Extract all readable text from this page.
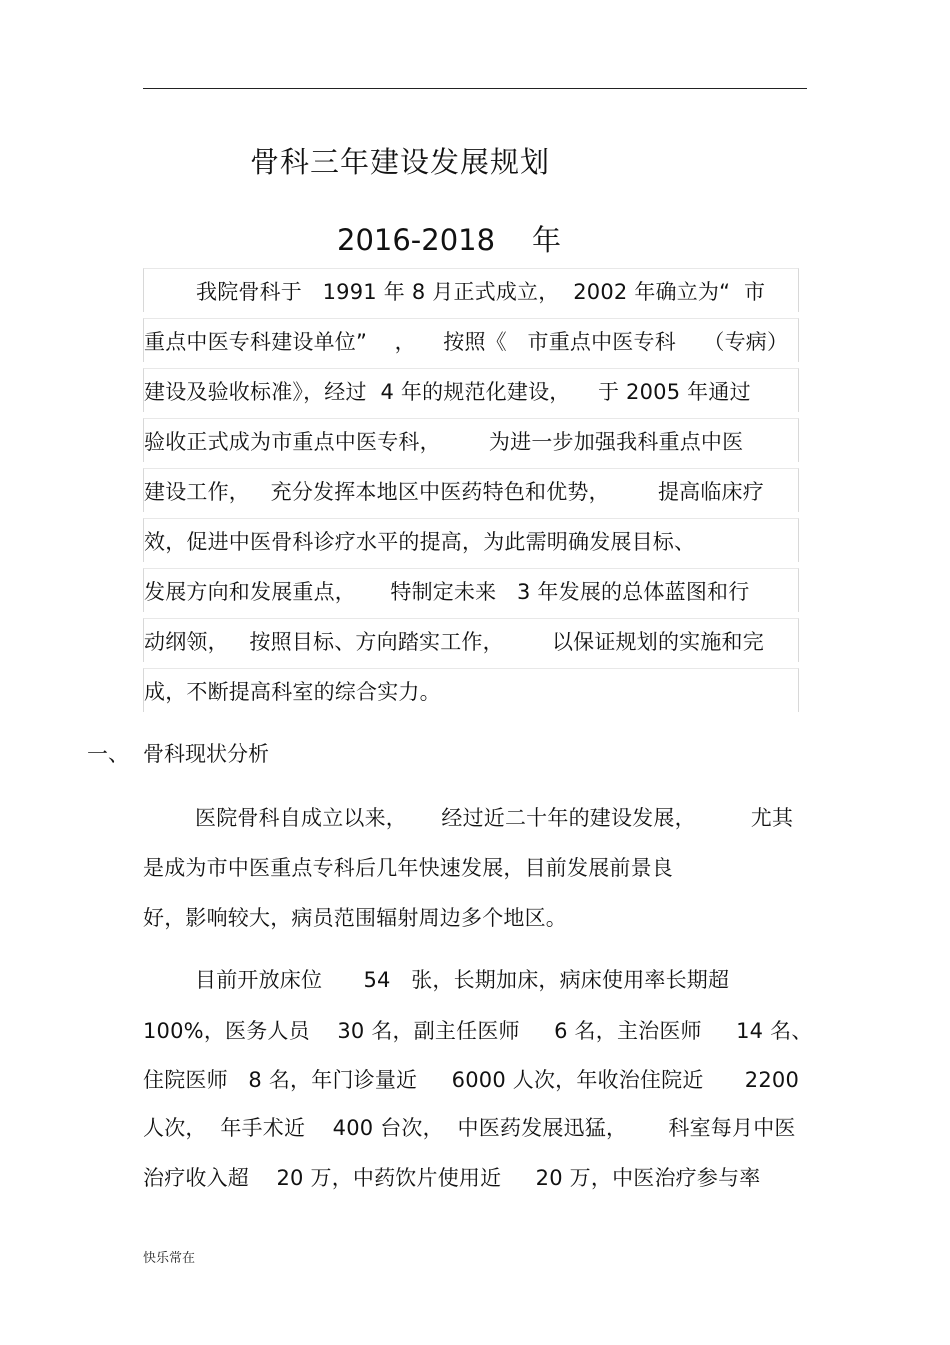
骨科三年建设发展规划
2016-2018    年
我院骨科于   1991 年 8 月正式成立，  2002 年确立为“  市
重点中医专科建设单位”    ，    按照《   市重点中医专科    （专病）
建设及验收标准》，经过  4 年的规范化建设，    于 2005 年通过
验收正式成为市重点中医专科，       为进一步加强我科重点中医
建设工作，   充分发挥本地区中医药特色和优势，       提高临床疗
效，促进中医骨科诊疗水平的提高，为此需明确发展目标、
发展方向和发展重点，     特制定未来   3 年发展的总体蓝图和行
动纲领，   按照目标、方向踏实工作，       以保证规划的实施和完
成，不断提高科室的综合实力。
一、 骨科现状分析
医院骨科自成立以来，     经过近二十年的建设发展，        尤其
是成为市中医重点专科后几年快速发展，目前发展前景良
好，影响较大，病员范围辐射周边多个地区。
目前开放床位      54   张，长期加床，病床使用率长期超
100%，医务人员    30 名，副主任医师     6 名，主治医师     14 名、
住院医师   8 名，年门诊量近     6000 人次，年收治住院近      2200
人次，  年手术近    400 台次，  中医药发展迅猛，      科室每月中医
治疗收入超    20 万，中药饮片使用近     20 万，中医治疗参与率
快乐常在
